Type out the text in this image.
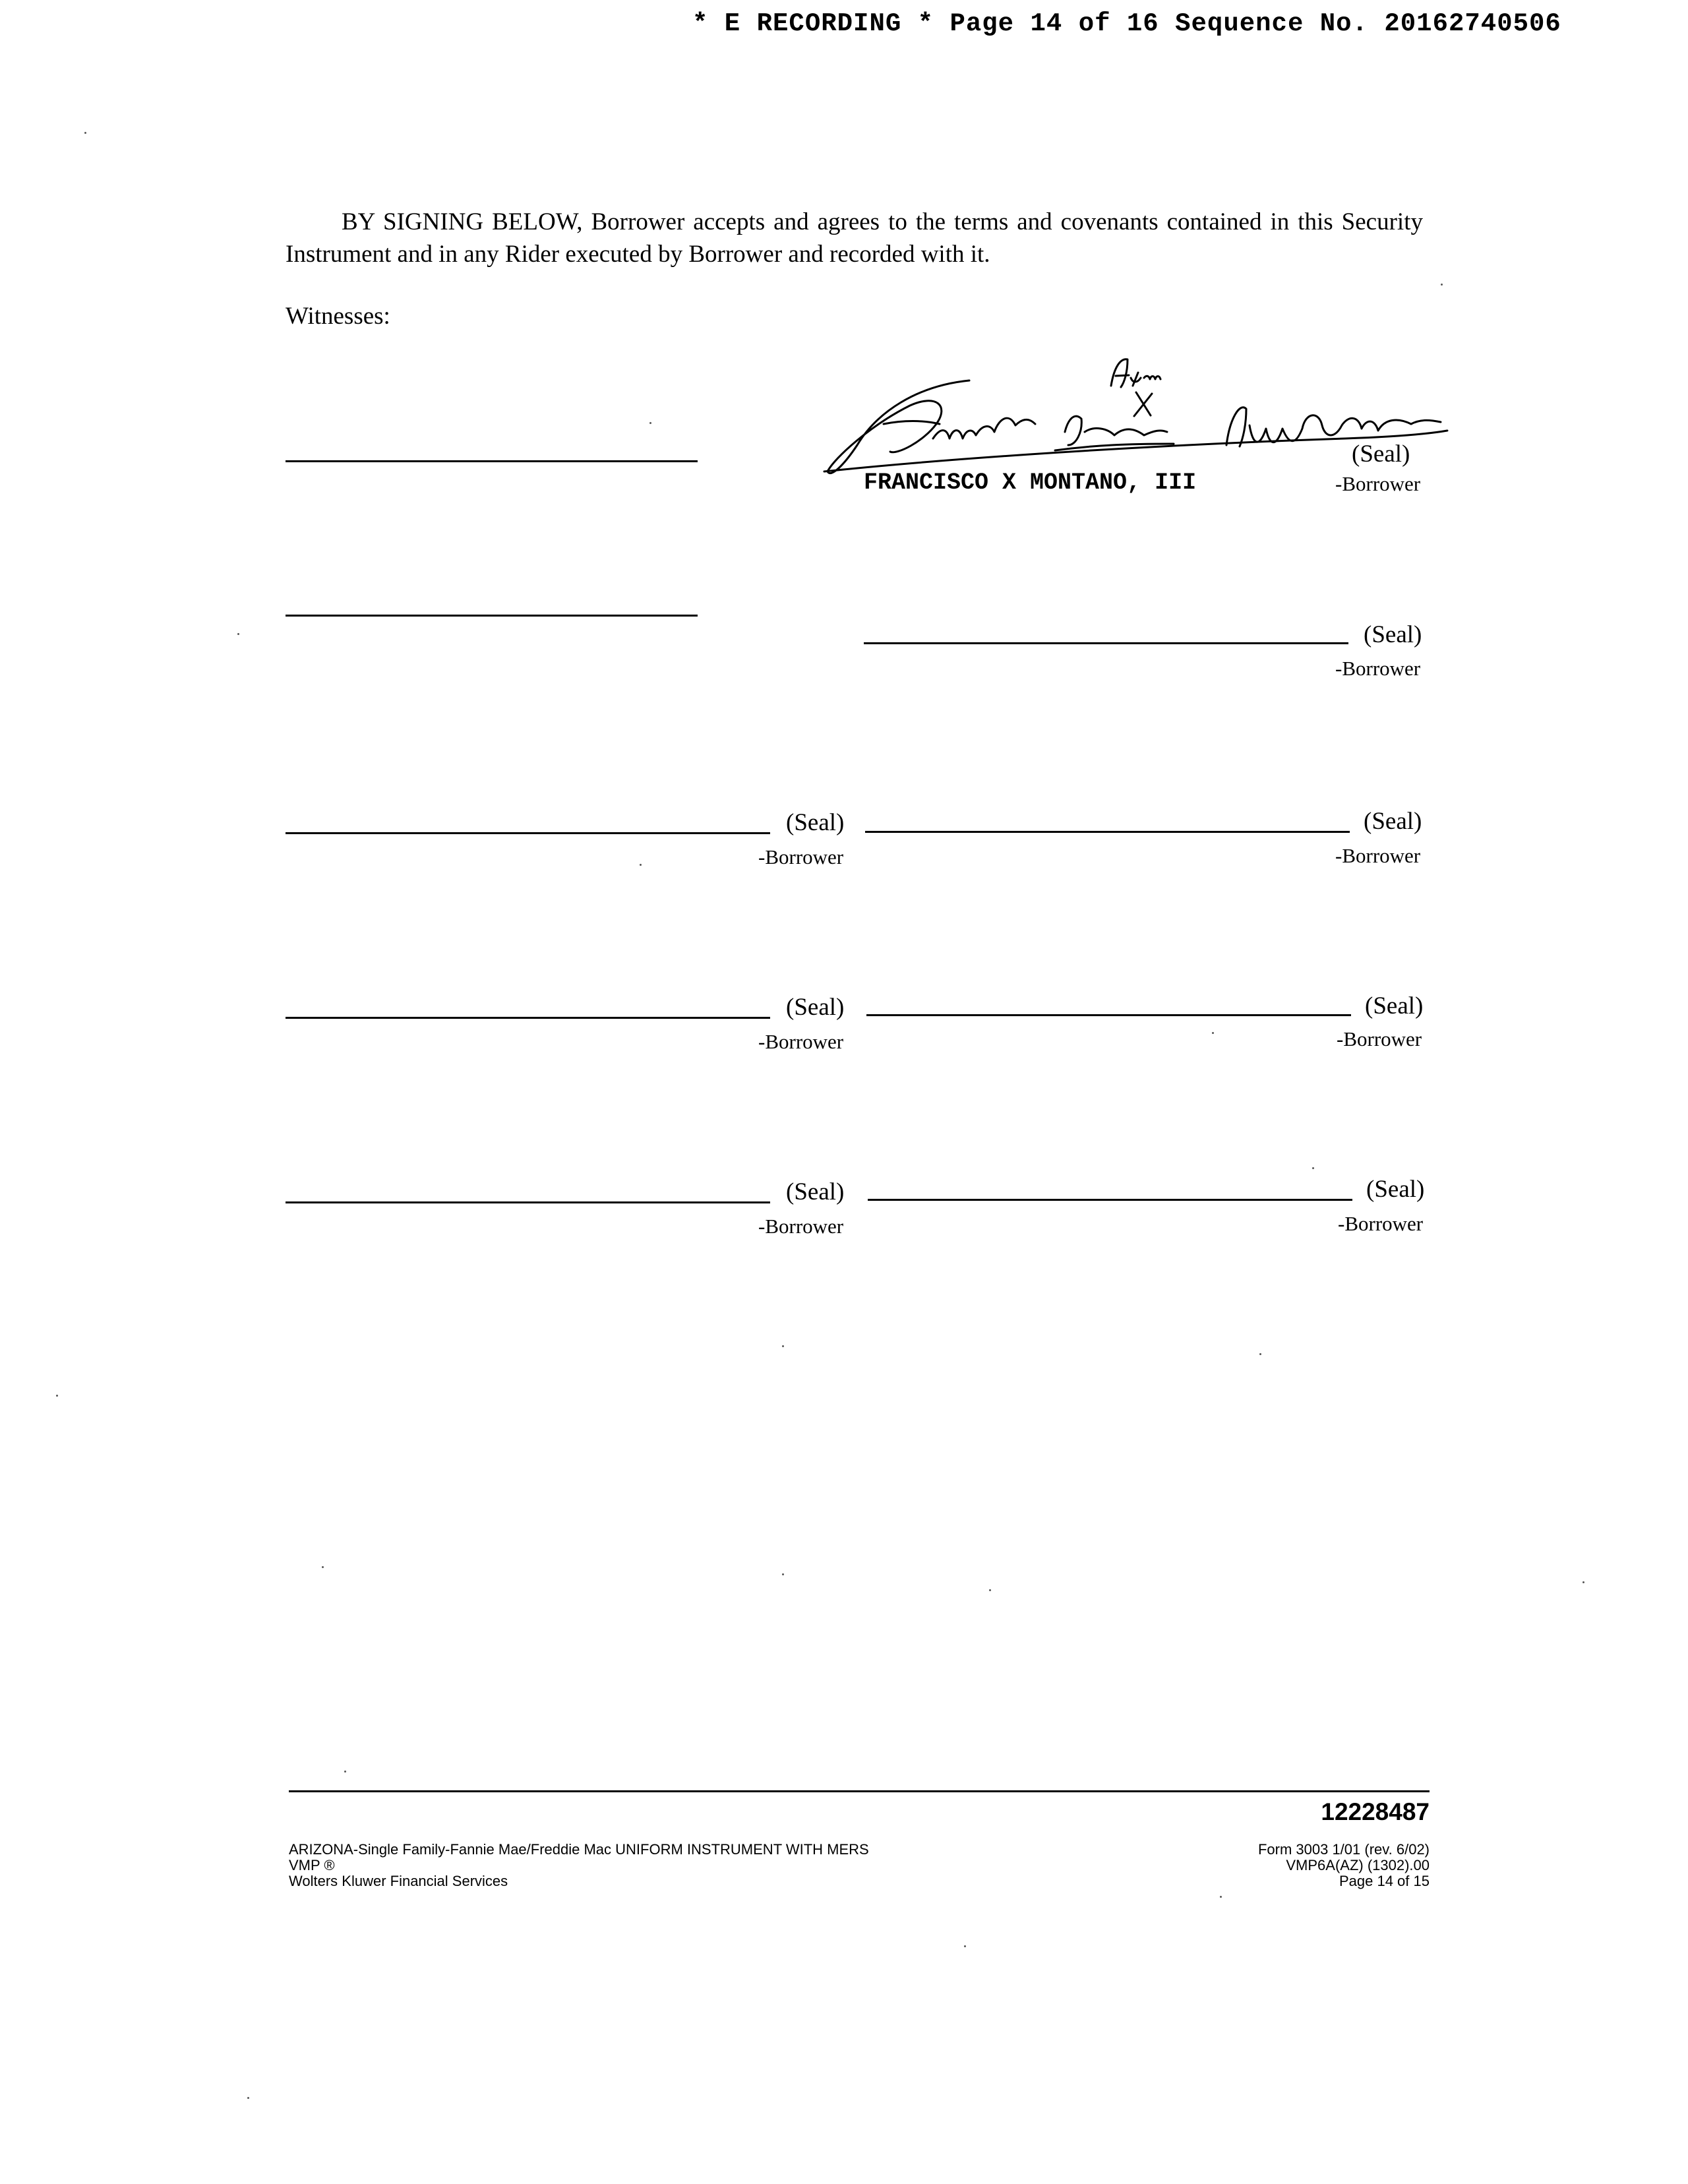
* E RECORDING * Page 14 of 16 Sequence No. 20162740506
BY SIGNING BELOW, Borrower accepts and agrees to the terms and covenants contained in this Security Instrument and in any Rider executed by Borrower and recorded with it.
Witnesses:
(Seal)
FRANCISCO X MONTANO, III	-Borrower
(Seal)
-Borrower
(Seal)
-Borrower
(Seal)
-Borrower
(Seal)
-Borrower
(Seal)
-Borrower
(Seal)
-Borrower
(Seal)
-Borrower
12228487
ARIZONA-Single Family-Fannie Mae/Freddie Mac UNIFORM INSTRUMENT WITH MERS
VMP ®
Wolters Kluwer Financial Services
Form 3003 1/01 (rev. 6/02)
VMP6A(AZ) (1302).00
Page 14 of 15
